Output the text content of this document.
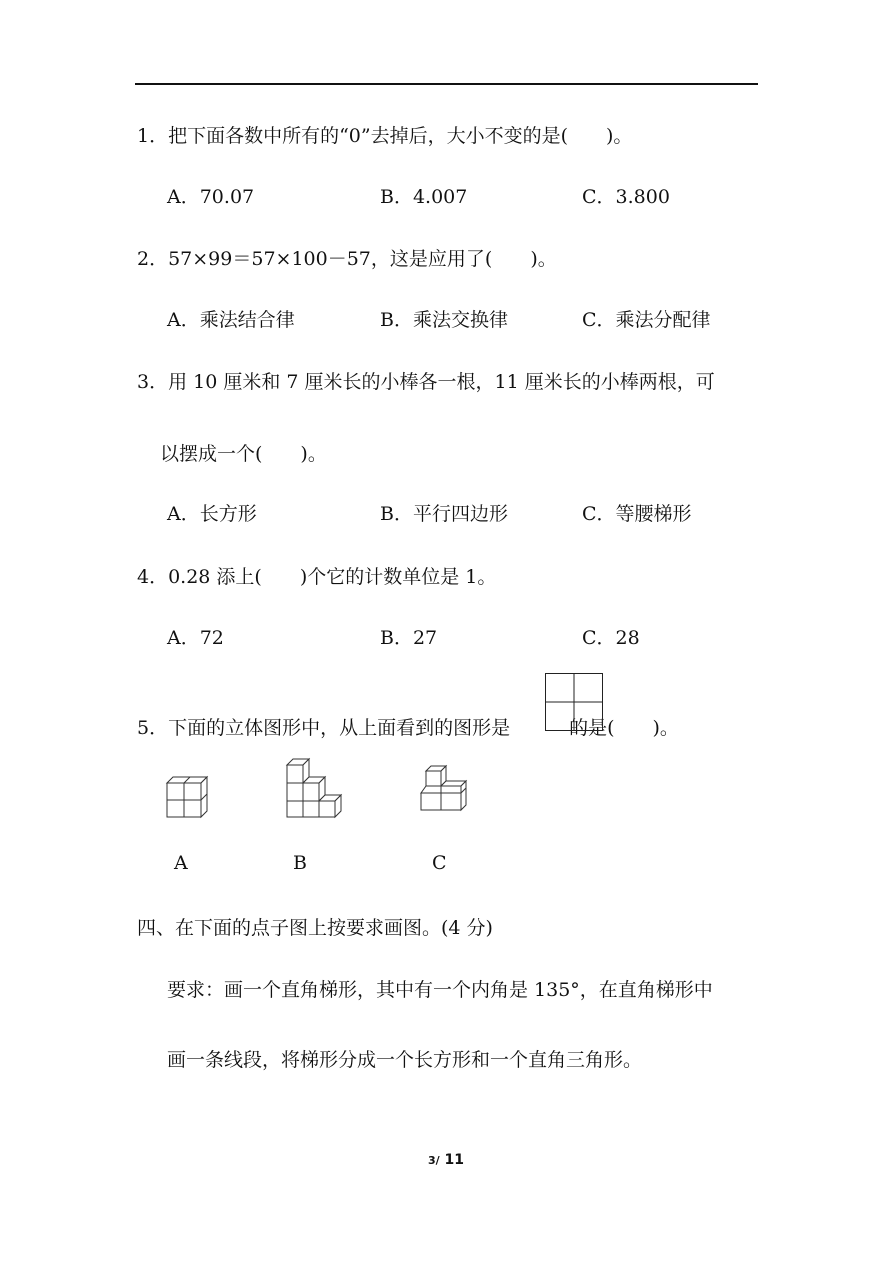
1．把下面各数中所有的“0”去掉后，大小不变的是(　　)。
A．70.07	B．4.007	C．3.800
2．57×99＝57×100－57，这是应用了(　　)。
A．乘法结合律	B．乘法交换律	C．乘法分配律
3．用 10 厘米和 7 厘米长的小棒各一根，11 厘米长的小棒两根，可
以摆成一个(　　)。
A．长方形	B．平行四边形	C．等腰梯形
4．0.28 添上(　　)个它的计数单位是 1。
A．72	B．27	C．28
5．下面的立体图形中，从上面看到的图形是	的是(　　)。
A	B	C
四、在下面的点子图上按要求画图。(4 分)
要求：画一个直角梯形，其中有一个内角是 135°，在直角梯形中
画一条线段，将梯形分成一个长方形和一个直角三角形。
3/ 11
